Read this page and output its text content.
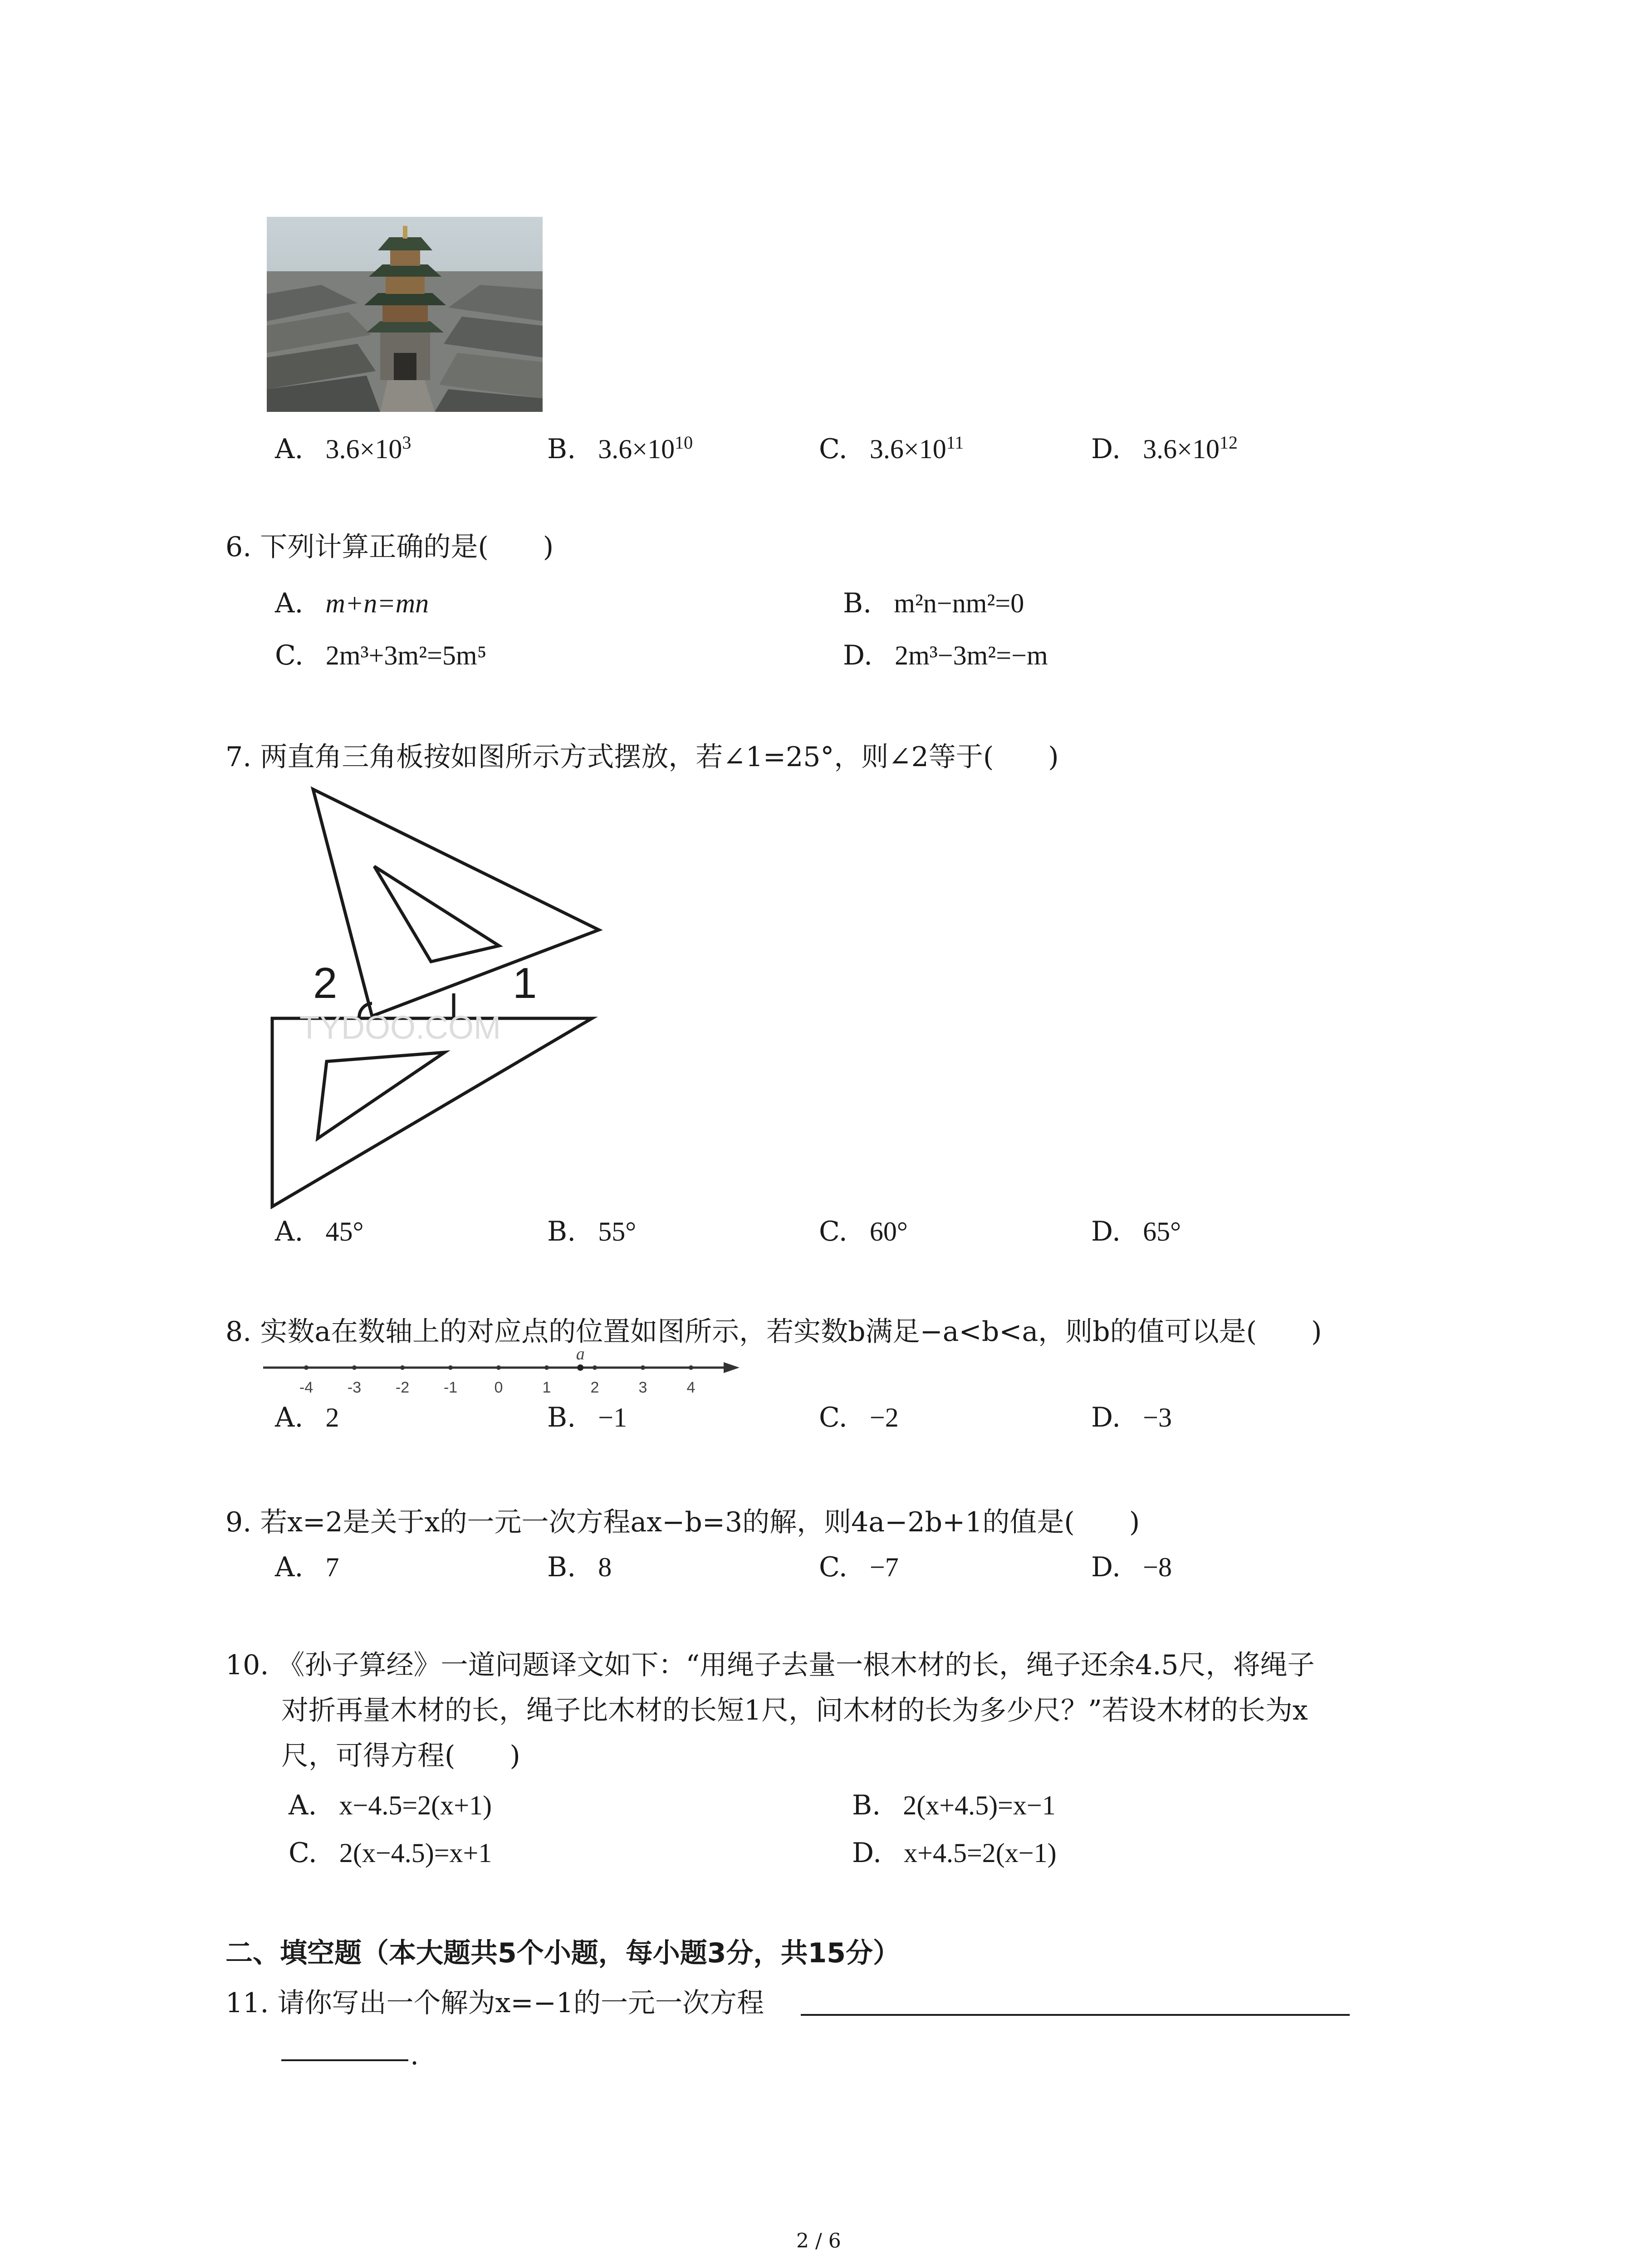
A. $3.6\times 10^3$	B. $3.6\times 10^{10}$	C. $3.6\times 10^{11}$	D. $3.6\times 10^{12}$
6. 下列计算正确的是(　　)
A. m+n=mn	B. m²n−nm²=0
C. 2m³+3m²=5m⁵	D. 2m³−3m²=−m
7. 两直角三角板按如图所示方式摆放，若∠1=25°，则∠2等于(　　)
2	1
TYDOO.COM
A. 45°	B. 55°	C. 60°	D. 65°
8. 实数a在数轴上的对应点的位置如图所示，若实数b满足−a<b<a，则b的值可以是(　　)
-4 -3 -2 -1 0	1	2	3	4
a
A. 2	B. −1	C. −2	D. −3
9. 若x=2是关于x的一元一次方程ax−b=3的解，则4a−2b+1的值是(　　)
A. 7	B. 8	C. −7	D. −8
10. 《孙子算经》一道问题译文如下：“用绳子去量一根木材的长，绳子还余4.5尺，将绳子
对折再量木材的长，绳子比木材的长短1尺，问木材的长为多少尺？”若设木材的长为x
尺，可得方程(　　)
A. x−4.5=2(x+1)	B. 2(x+4.5)=x−1
C. 2(x−4.5)=x+1	D. x+4.5=2(x−1)
二、填空题（本大题共5个小题，每小题3分，共15分）
11. 请你写出一个解为x=−1的一元一次方程
.
2 / 6
